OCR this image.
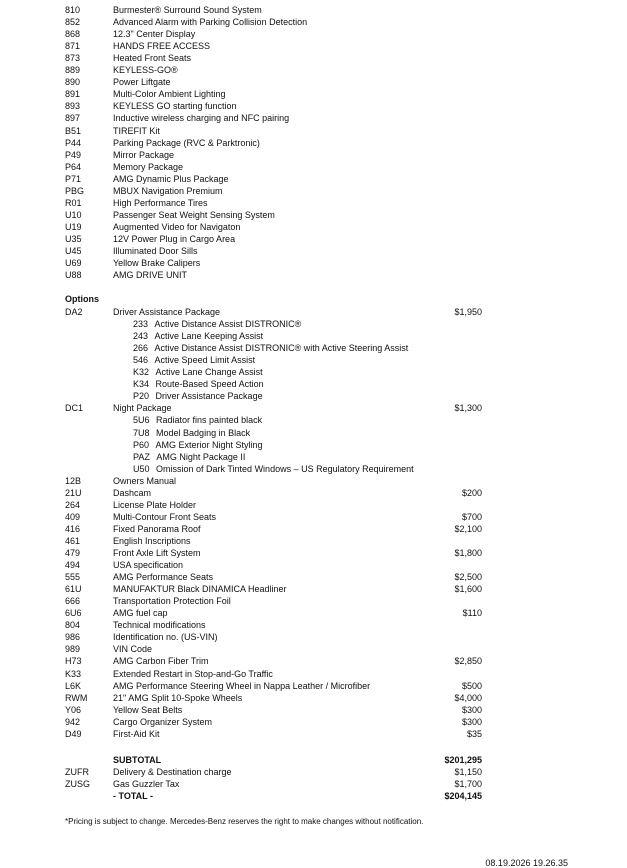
810	Burmester® Surround Sound System
852	Advanced Alarm with Parking Collision Detection
868	12.3" Center Display
871	HANDS FREE ACCESS
873	Heated Front Seats
889	KEYLESS-GO®
890	Power Liftgate
891	Multi-Color Ambient Lighting
893	KEYLESS GO starting function
897	Inductive wireless charging and NFC pairing
B51	TIREFIT Kit
P44	Parking Package (RVC & Parktronic)
P49	Mirror Package
P64	Memory Package
P71	AMG Dynamic Plus Package
PBG	MBUX Navigation Premium
R01	High Performance Tires
U10	Passenger Seat Weight Sensing System
U19	Augmented Video for Navigaton
U35	12V Power Plug in Cargo Area
U45	Illuminated Door Sills
U69	Yellow Brake Calipers
U88	AMG DRIVE UNIT
Options
DA2	Driver Assistance Package	$1,950
233 Active Distance Assist DISTRONIC®
243 Active Lane Keeping Assist
266 Active Distance Assist DISTRONIC® with Active Steering Assist
546 Active Speed Limit Assist
K32 Active Lane Change Assist
K34 Route-Based Speed Action
P20 Driver Assistance Package
DC1	Night Package	$1,300
5U6 Radiator fins painted black
7U8 Model Badging in Black
P60 AMG Exterior Night Styling
PAZ AMG Night Package II
U50 Omission of Dark Tinted Windows – US Regulatory Requirement
12B	Owners Manual
21U	Dashcam	$200
264	License Plate Holder
409	Multi-Contour Front Seats	$700
416	Fixed Panorama Roof	$2,100
461	English Inscriptions
479	Front Axle Lift System	$1,800
494	USA specification
555	AMG Performance Seats	$2,500
61U	MANUFAKTUR Black DINAMICA Headliner	$1,600
666	Transportation Protection Foil
6U6	AMG fuel cap	$110
804	Technical modifications
986	Identification no. (US-VIN)
989	VIN Code
H73	AMG Carbon Fiber Trim	$2,850
K33	Extended Restart in Stop-and-Go Traffic
L6K	AMG Performance Steering Wheel in Nappa Leather / Microfiber	$500
RWM	21" AMG Split 10-Spoke Wheels	$4,000
Y06	Yellow Seat Belts	$300
942	Cargo Organizer System	$300
D49	First-Aid Kit	$35
SUBTOTAL	$201,295
ZUFR	Delivery & Destination charge	$1,150
ZUSG	Gas Guzzler Tax	$1,700
- TOTAL -	$204,145
*Pricing is subject to change. Mercedes-Benz reserves the right to make changes without notification.
08.19.2026 19.26.35
